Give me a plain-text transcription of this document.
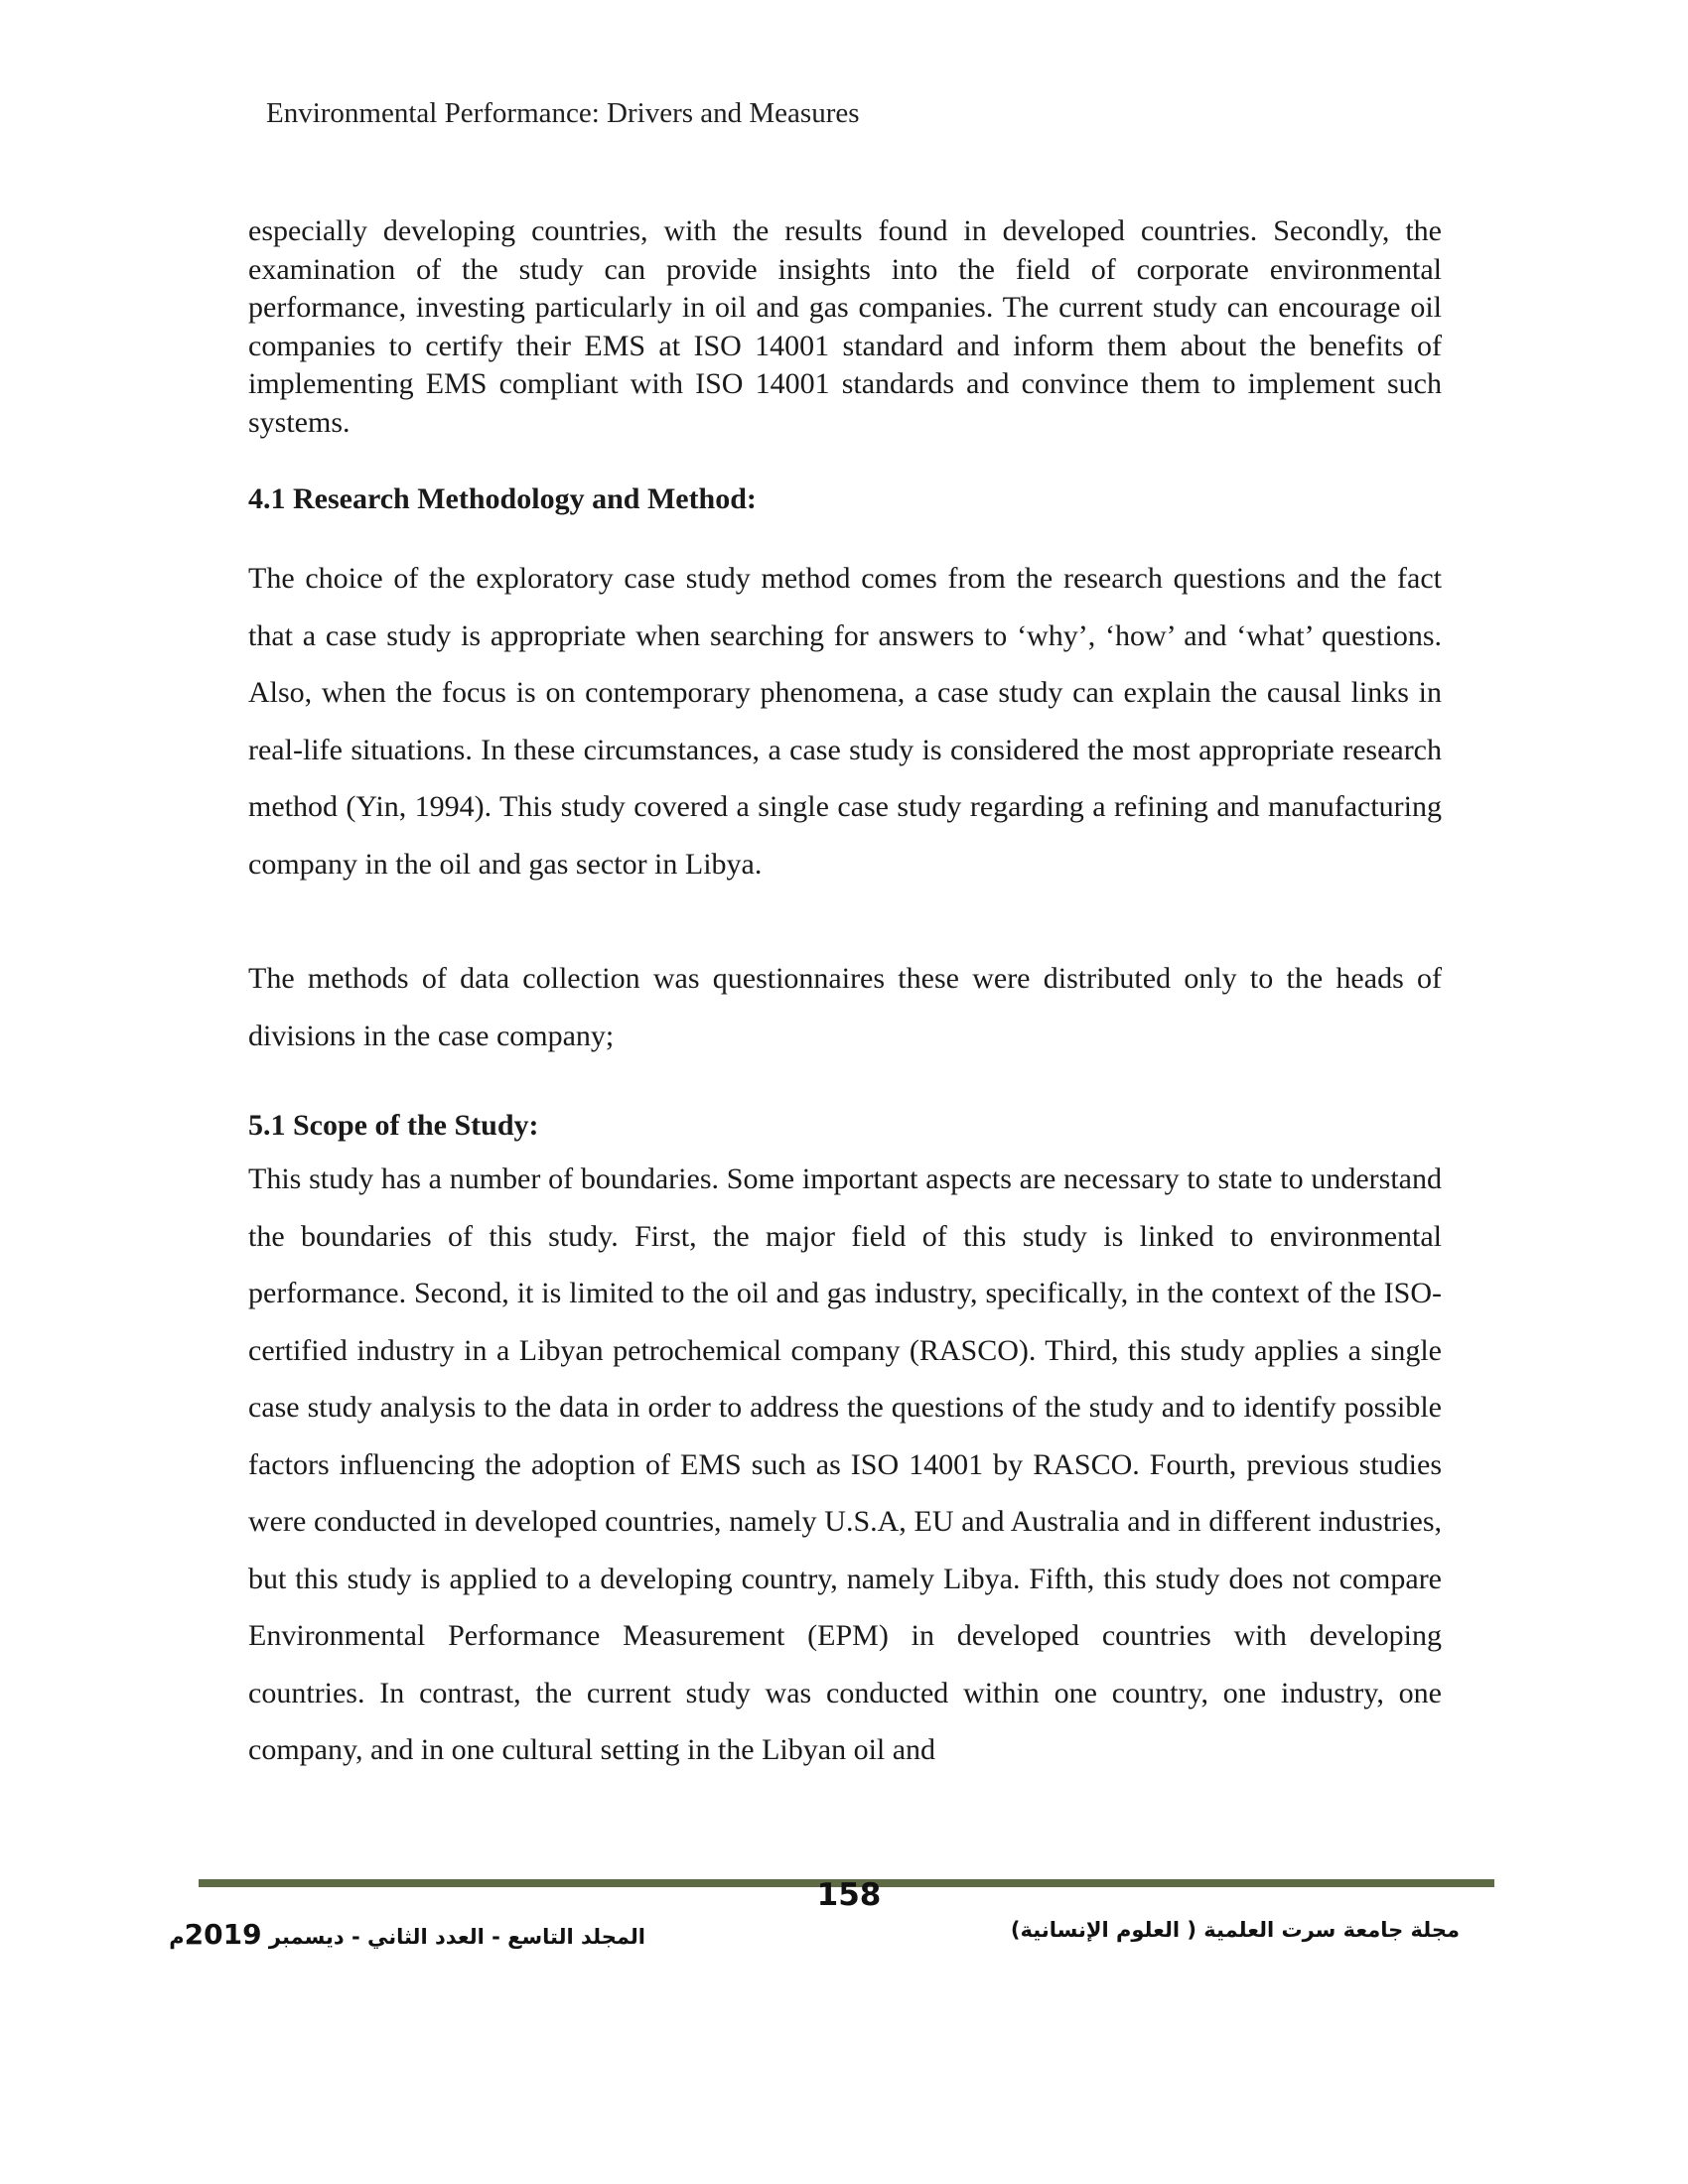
Environmental Performance: Drivers and Measures

especially developing countries, with the results found in developed countries. Secondly, the examination of the study can provide insights into the field of corporate environmental performance, investing particularly in oil and gas companies. The current study can encourage oil companies to certify their EMS at ISO 14001 standard and inform them about the benefits of implementing EMS compliant with ISO 14001 standards and convince them to implement such systems.

4.1 Research Methodology and Method:

The choice of the exploratory case study method comes from the research questions and the fact that a case study is appropriate when searching for answers to ‘why’, ‘how’ and ‘what’ questions. Also, when the focus is on contemporary phenomena, a case study can explain the causal links in real-life situations. In these circumstances, a case study is considered the most appropriate research method (Yin, 1994). This study covered a single case study regarding a refining and manufacturing company in the oil and gas sector in Libya.

The methods of data collection was questionnaires these were distributed only to the heads of divisions in the case company;

5.1 Scope of the Study:

This study has a number of boundaries. Some important aspects are necessary to state to understand the boundaries of this study. First, the major field of this study is linked to environmental performance. Second, it is limited to the oil and gas industry, specifically, in the context of the ISO-certified industry in a Libyan petrochemical company (RASCO). Third, this study applies a single case study analysis to the data in order to address the questions of the study and to identify possible factors influencing the adoption of EMS such as ISO 14001 by RASCO. Fourth, previous studies were conducted in developed countries, namely U.S.A, EU and Australia and in different industries, but this study is applied to a developing country, namely Libya. Fifth, this study does not compare Environmental Performance Measurement (EPM) in developed countries with developing countries. In contrast, the current study was conducted within one country, one industry, one company, and in one cultural setting in the Libyan oil and

158
المجلد التاسع - العدد الثاني - ديسمبر 2019م	مجلة جامعة سرت العلمية ( العلوم الإنسانية)
